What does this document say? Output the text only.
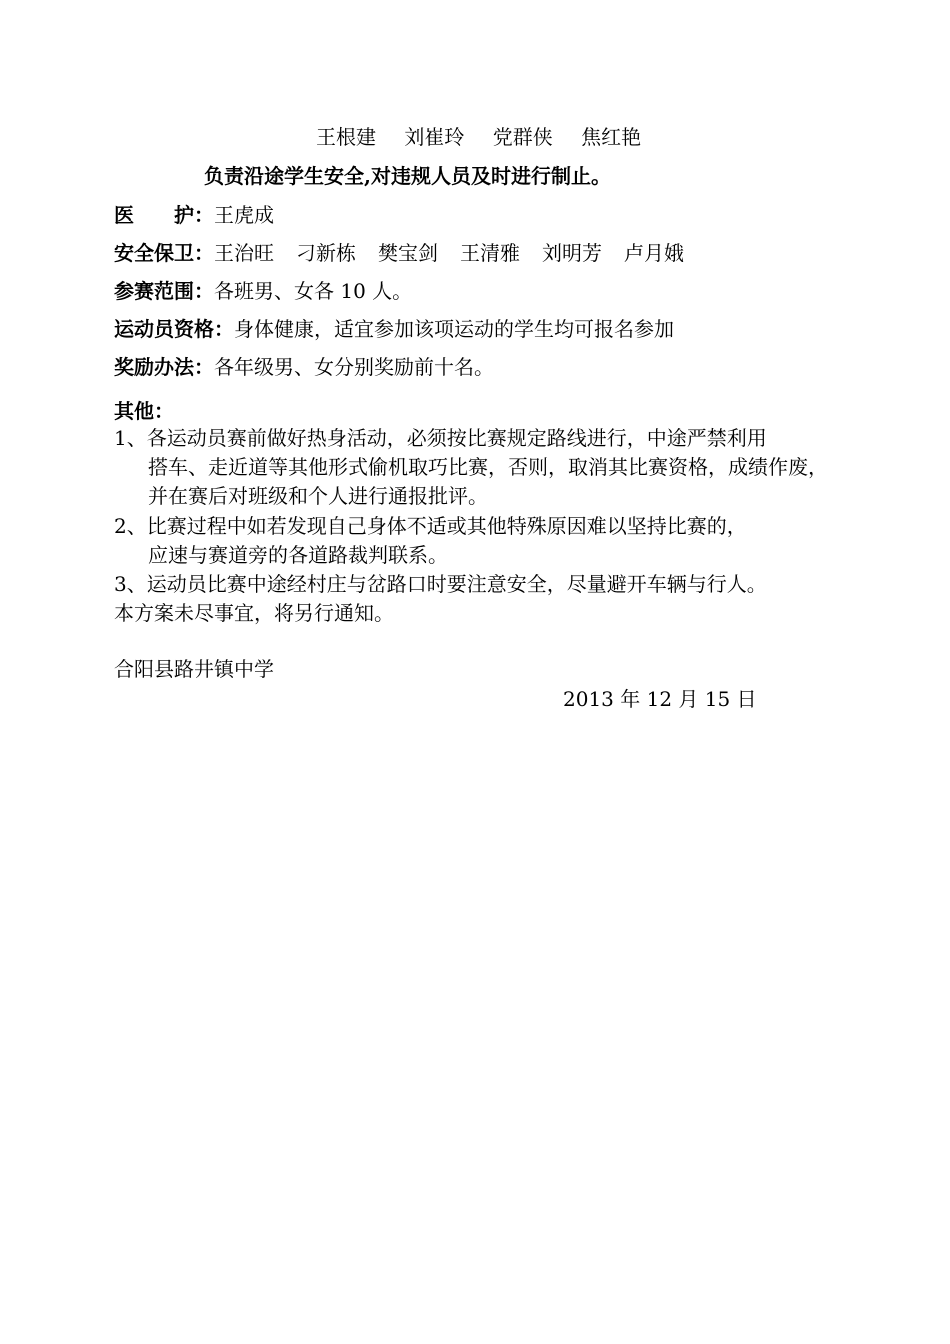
王根建 刘崔玲 党群侠 焦红艳
负责沿途学生安全,对违规人员及时进行制止。
医　　护：王虎成
安全保卫：王治旺 刁新栋 樊宝剑 王清雅 刘明芳 卢月娥
参赛范围：各班男、女各 10 人。
运动员资格：身体健康，适宜参加该项运动的学生均可报名参加
奖励办法：各年级男、女分别奖励前十名。
其他：
1、各运动员赛前做好热身活动，必须按比赛规定路线进行，中途严禁利用
搭车、走近道等其他形式偷机取巧比赛，否则，取消其比赛资格，成绩作废，
并在赛后对班级和个人进行通报批评。
2、比赛过程中如若发现自己身体不适或其他特殊原因难以坚持比赛的，
应速与赛道旁的各道路裁判联系。
3、运动员比赛中途经村庄与岔路口时要注意安全，尽量避开车辆与行人。
本方案未尽事宜，将另行通知。
合阳县路井镇中学
2013 年 12 月 15 日
